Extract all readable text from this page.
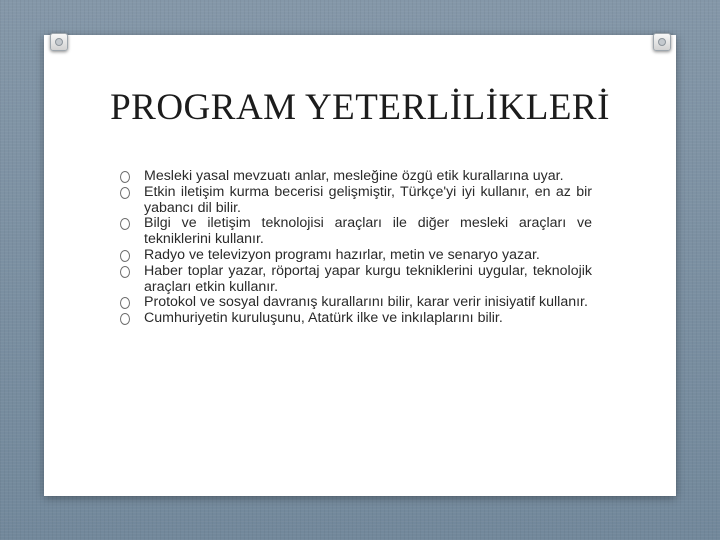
PROGRAM YETERLİLİKLERİ
Mesleki yasal mevzuatı anlar, mesleğine özgü etik kurallarına uyar.
Etkin iletişim kurma becerisi gelişmiştir, Türkçe'yi iyi kullanır, en az bir yabancı dil bilir.
Bilgi ve iletişim teknolojisi araçları ile diğer mesleki araçları ve tekniklerini kullanır.
Radyo ve televizyon programı hazırlar, metin ve senaryo yazar.
Haber toplar yazar, röportaj yapar kurgu tekniklerini uygular, teknolojik araçları etkin kullanır.
Protokol ve sosyal davranış kurallarını bilir, karar verir inisiyatif kullanır.
Cumhuriyetin kuruluşunu, Atatürk ilke ve inkılaplarını bilir.
